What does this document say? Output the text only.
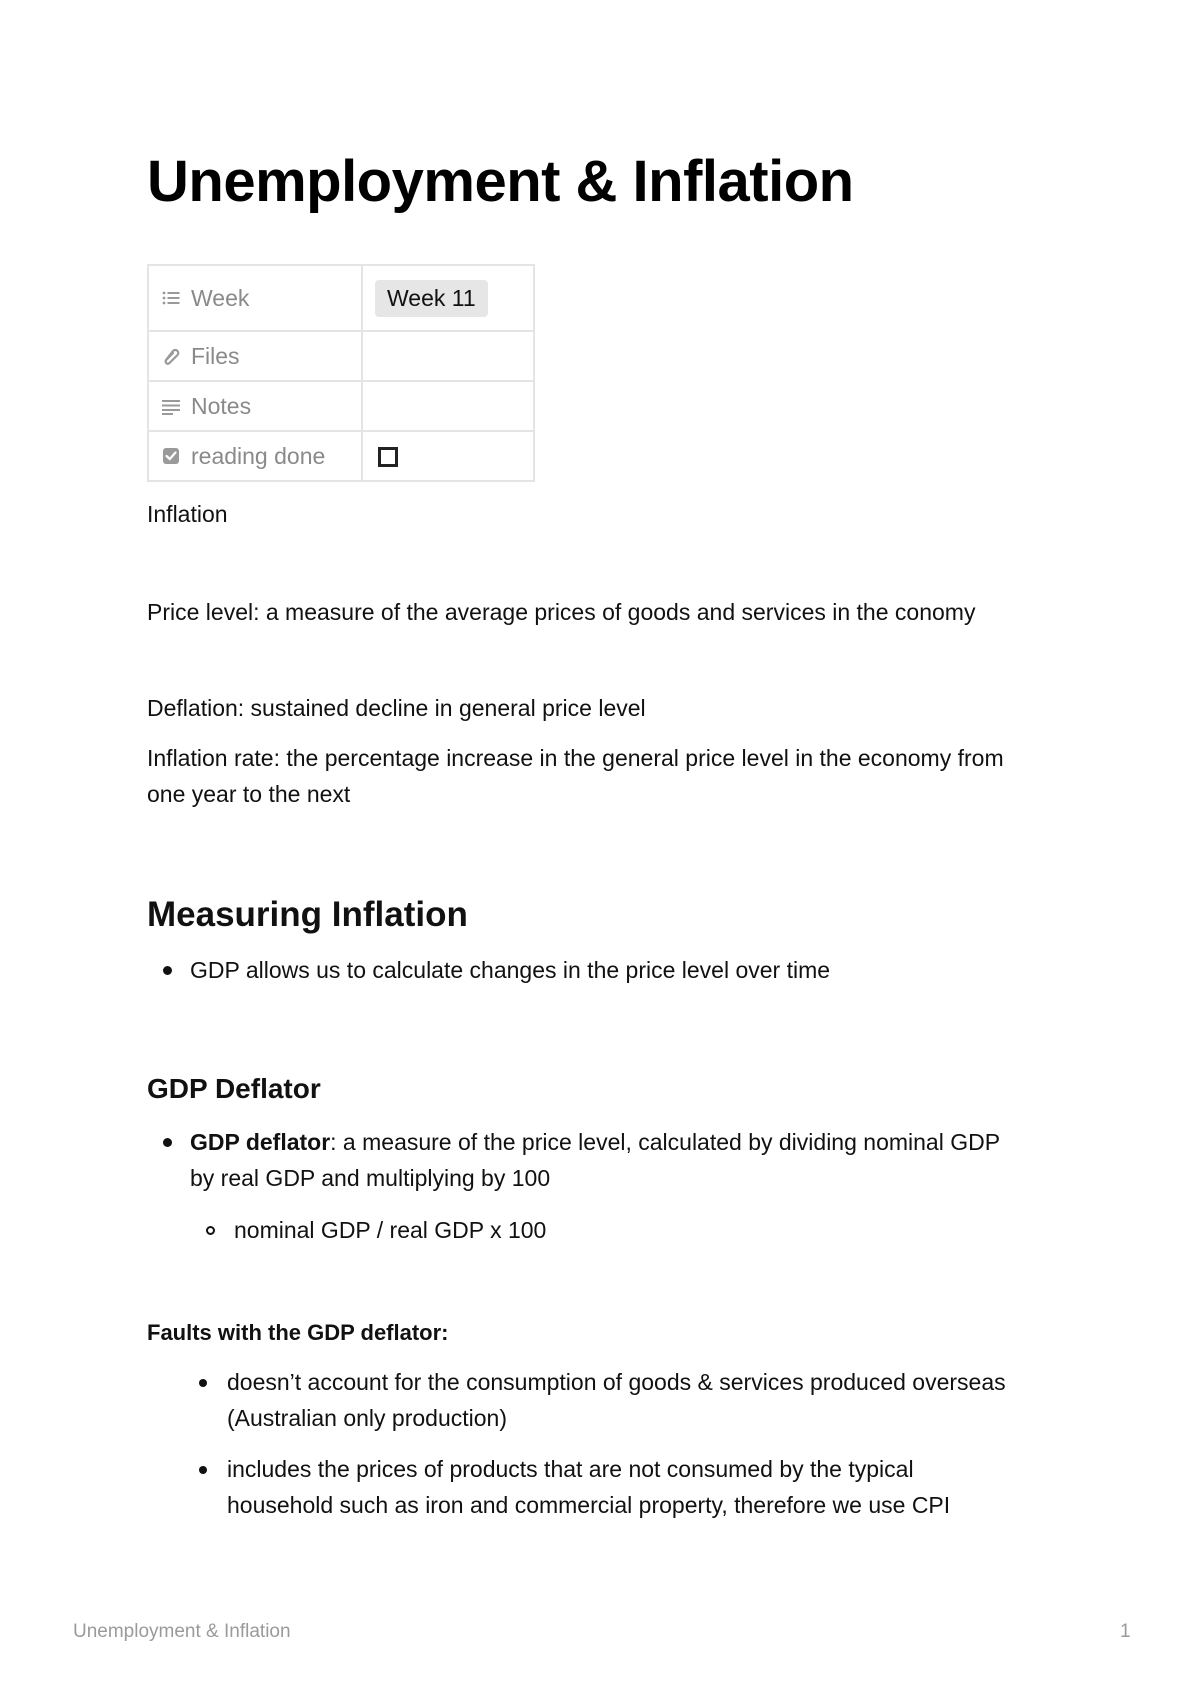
Unemployment & Inflation
Week	Week 11

Files	

Notes	

reading done	

Inflation

Price level: a measure of the average prices of goods and services in the conomy

Deflation: sustained decline in general price level

Inflation rate: the percentage increase in the general price level in the economy from

one year to the next

Measuring Inflation

GDP allows us to calculate changes in the price level over time

GDP Deflator

GDP deflator: a measure of the price level, calculated by dividing nominal GDP

by real GDP and multiplying by 100

nominal GDP / real GDP x 100

Faults with the GDP deflator:

doesn’t account for the consumption of goods & services produced overseas

(Australian only production)

includes the prices of products that are not consumed by the typical

household such as iron and commercial property, therefore we use CPI

Unemployment & Inflation	1
